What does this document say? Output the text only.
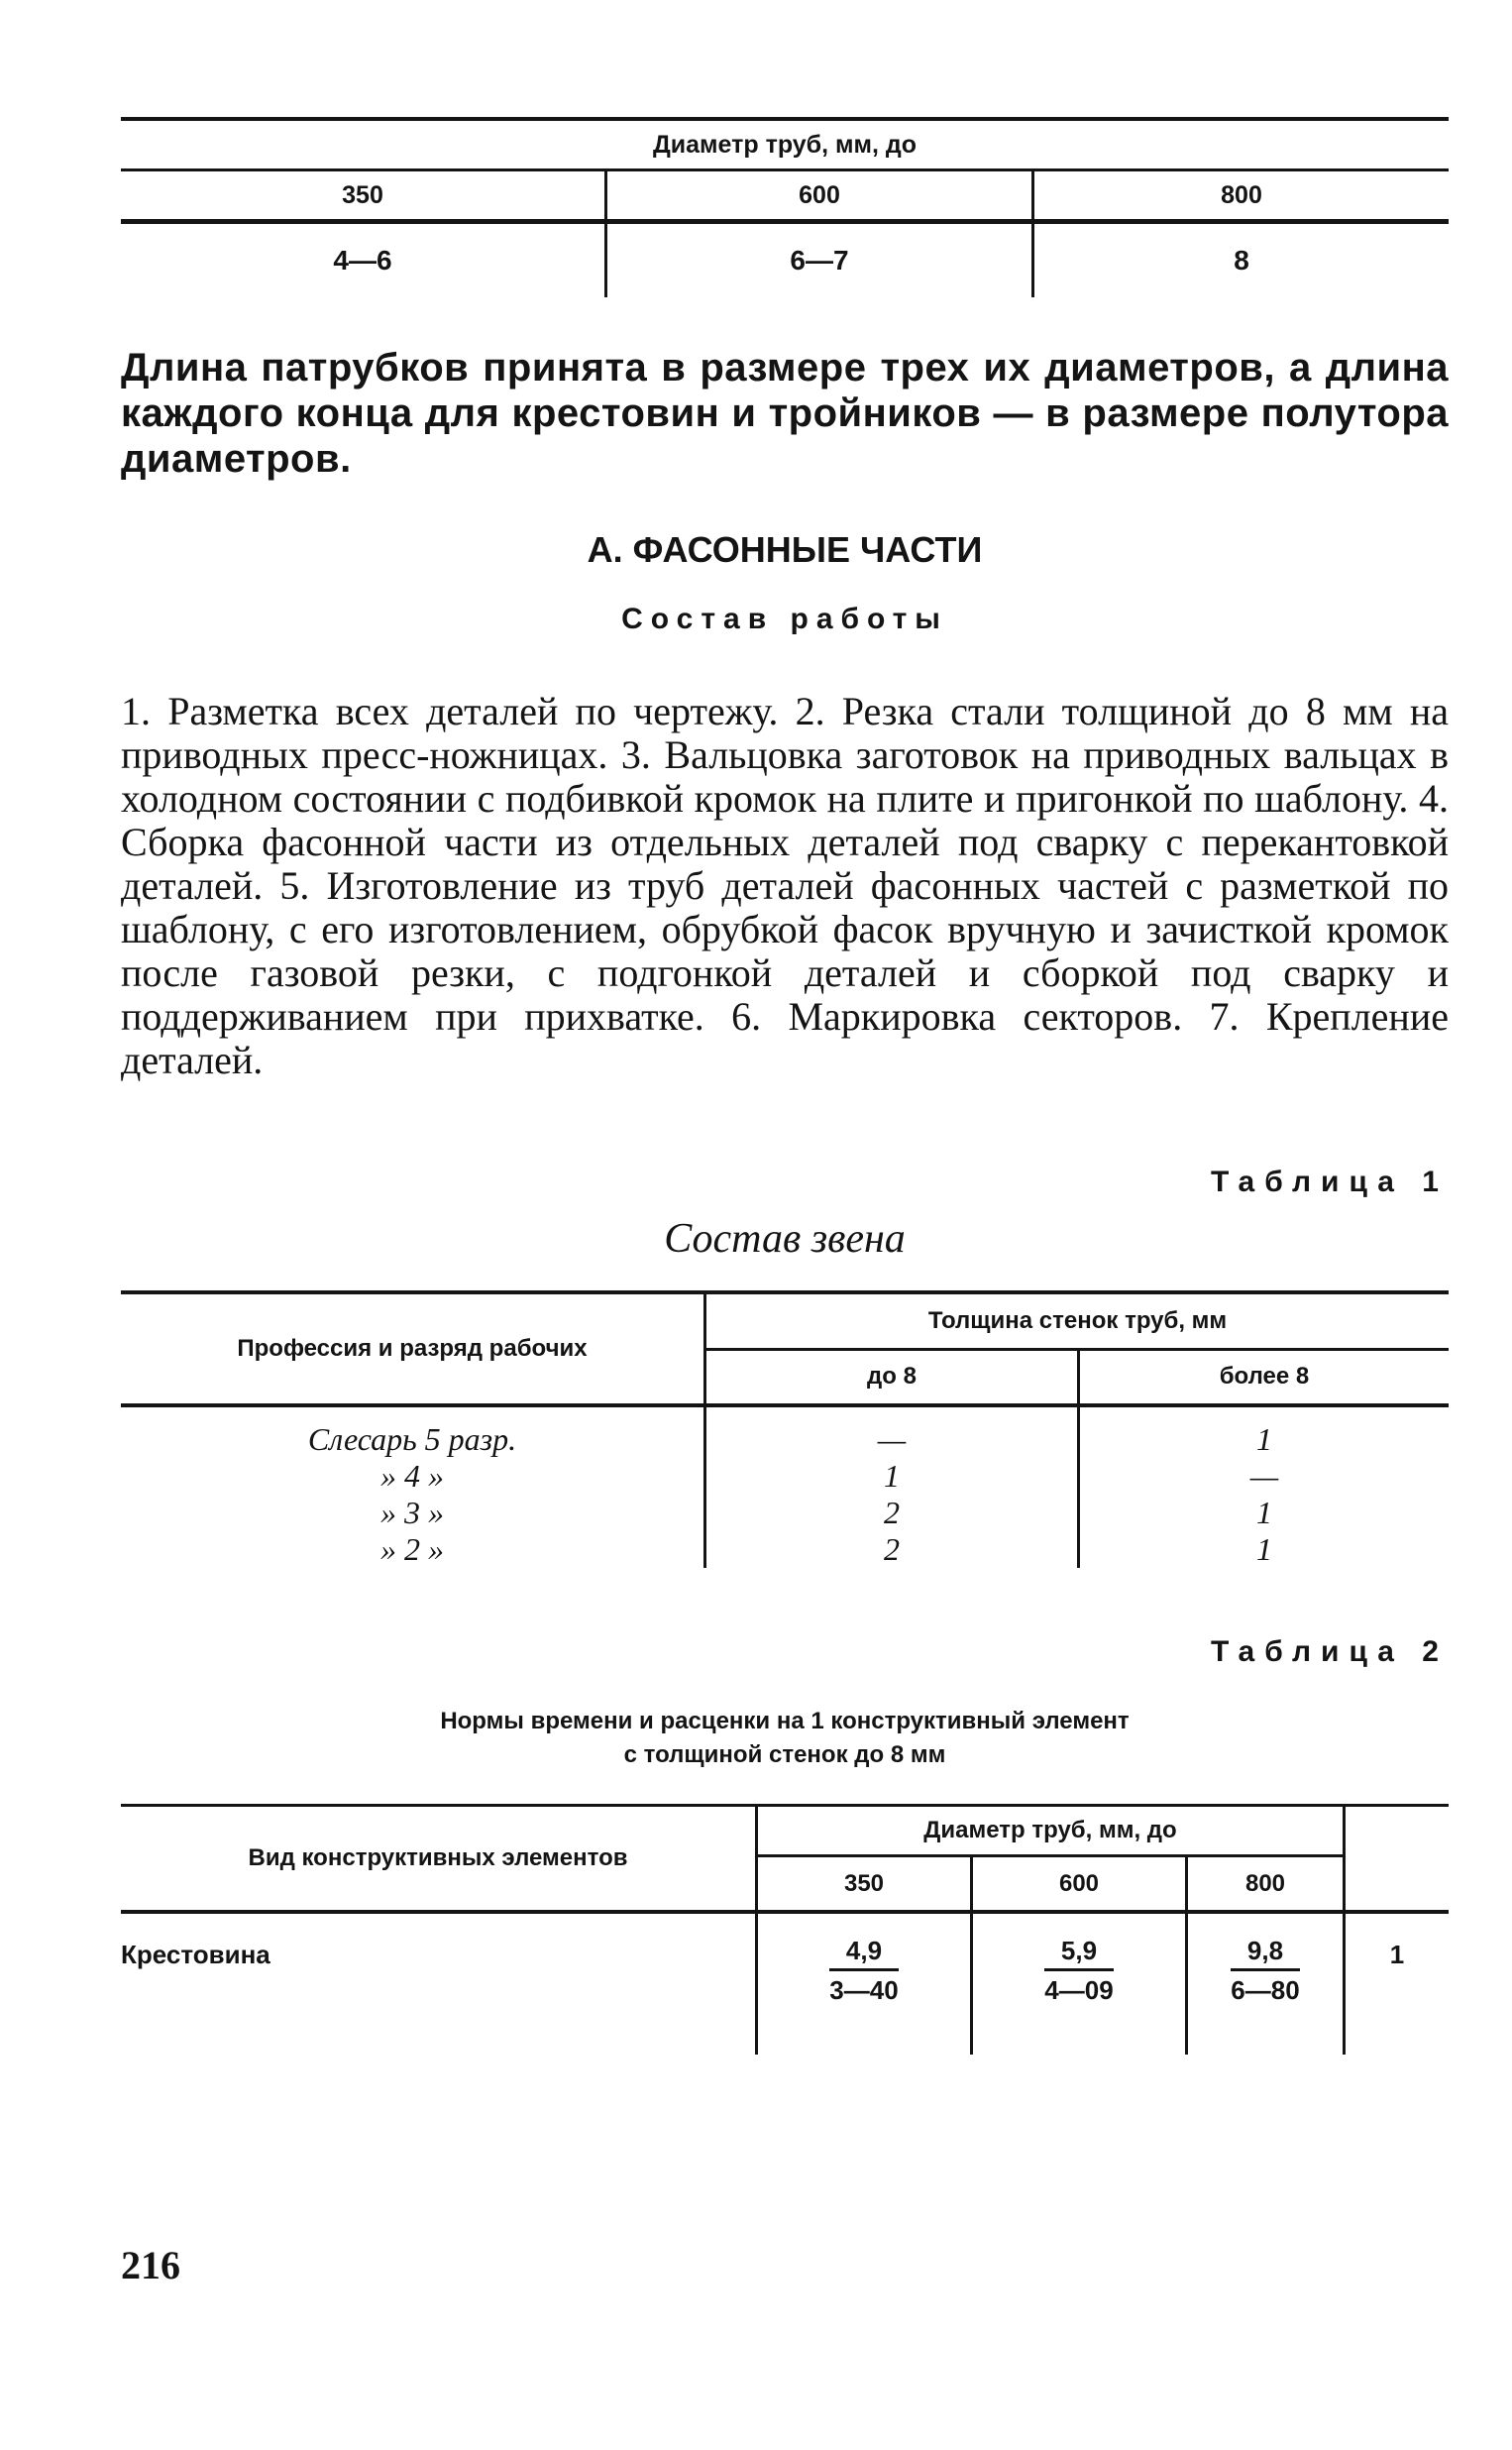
Диаметр труб, мм, до		
350	600	800
4—6	6—7	8
Длина патрубков принята в размере трех их диаметров, а длина каждого конца для крестовин и тройников — в размере полутора диаметров.
А. ФАСОННЫЕ ЧАСТИ
Состав работы
1. Разметка всех деталей по чертежу. 2. Резка стали толщиной до 8 мм на приводных пресс-ножницах. 3. Вальцовка заготовок на приводных вальцах в холодном состоянии с подбивкой кромок на плите и пригонкой по шаблону. 4. Сборка фасонной части из отдельных деталей под сварку с перекантовкой деталей. 5. Изготовление из труб деталей фасонных частей с разметкой по шаблону, с его изготовлением, обрубкой фасок вручную и зачисткой кромок после газовой резки, с подгонкой деталей и сборкой под сварку и поддерживанием при прихватке. 6. Маркировка секторов. 7. Крепление деталей.
Таблица 1
Состав звена
Профессия и разряд рабочих	Толщина стенок труб, мм	
	до 8	более 8

Слесарь 5 разр.	—	1
» 4 »	1	—
» 3 »	2	1
» 2 »	2	1
Таблица 2
Нормы времени и расценки на 1 конструктивный элемент
с толщиной стенок до 8 мм
Вид конструктивных элементов	Диаметр труб, мм, до			
	350	600	800	
Крестовина	$\frac{4,9}{3—40}$	$\frac{5,9}{4—09}$	$\frac{9,8}{6—80}$	1
216
